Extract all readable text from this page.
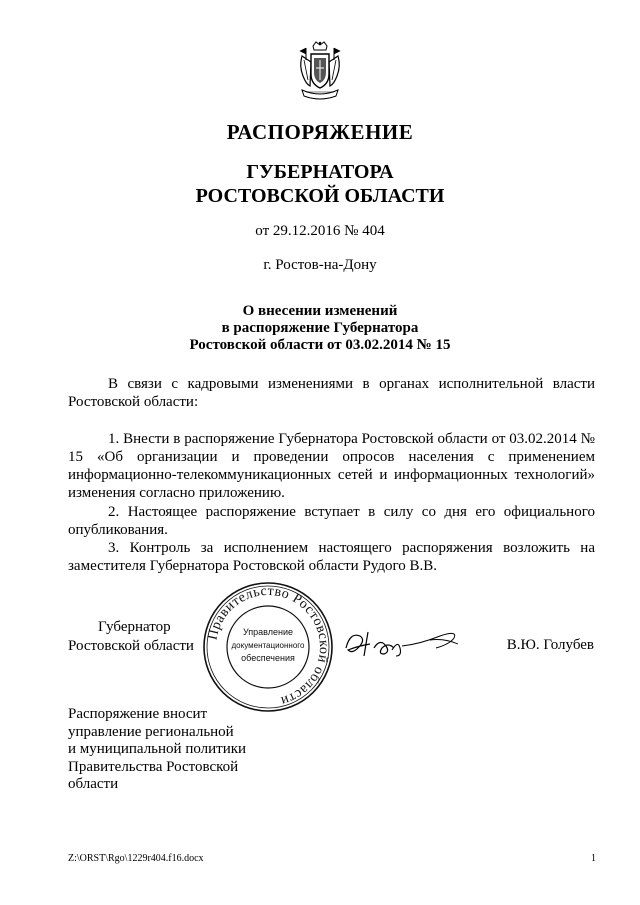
РАСПОРЯЖЕНИЕ
ГУБЕРНАТОРА
РОСТОВСКОЙ ОБЛАСТИ
от 29.12.2016 № 404
г. Ростов-на-Дону
О внесении изменений
в распоряжение Губернатора
Ростовской области от 03.02.2014 № 15
В связи с кадровыми изменениями в органах исполнительной власти Ростовской области:
1. Внести в распоряжение Губернатора Ростовской области от 03.02.2014 № 15 «Об организации и проведении опросов населения с применением информационно-телекоммуникационных сетей и информационных технологий» изменения согласно приложению.
2. Настоящее распоряжение вступает в силу со дня его официального опубликования.
3. Контроль за исполнением настоящего распоряжения возложить на заместителя Губернатора Ростовской области Рудого В.В.
Губернатор
Ростовской области
Правительство Ростовской области
Управление
документационного
обеспечения
В.Ю. Голубев
Распоряжение вносит
управление региональной
и муниципальной политики
Правительства Ростовской
области
Z:\ORST\Rgo\1229r404.f16.docx	1
